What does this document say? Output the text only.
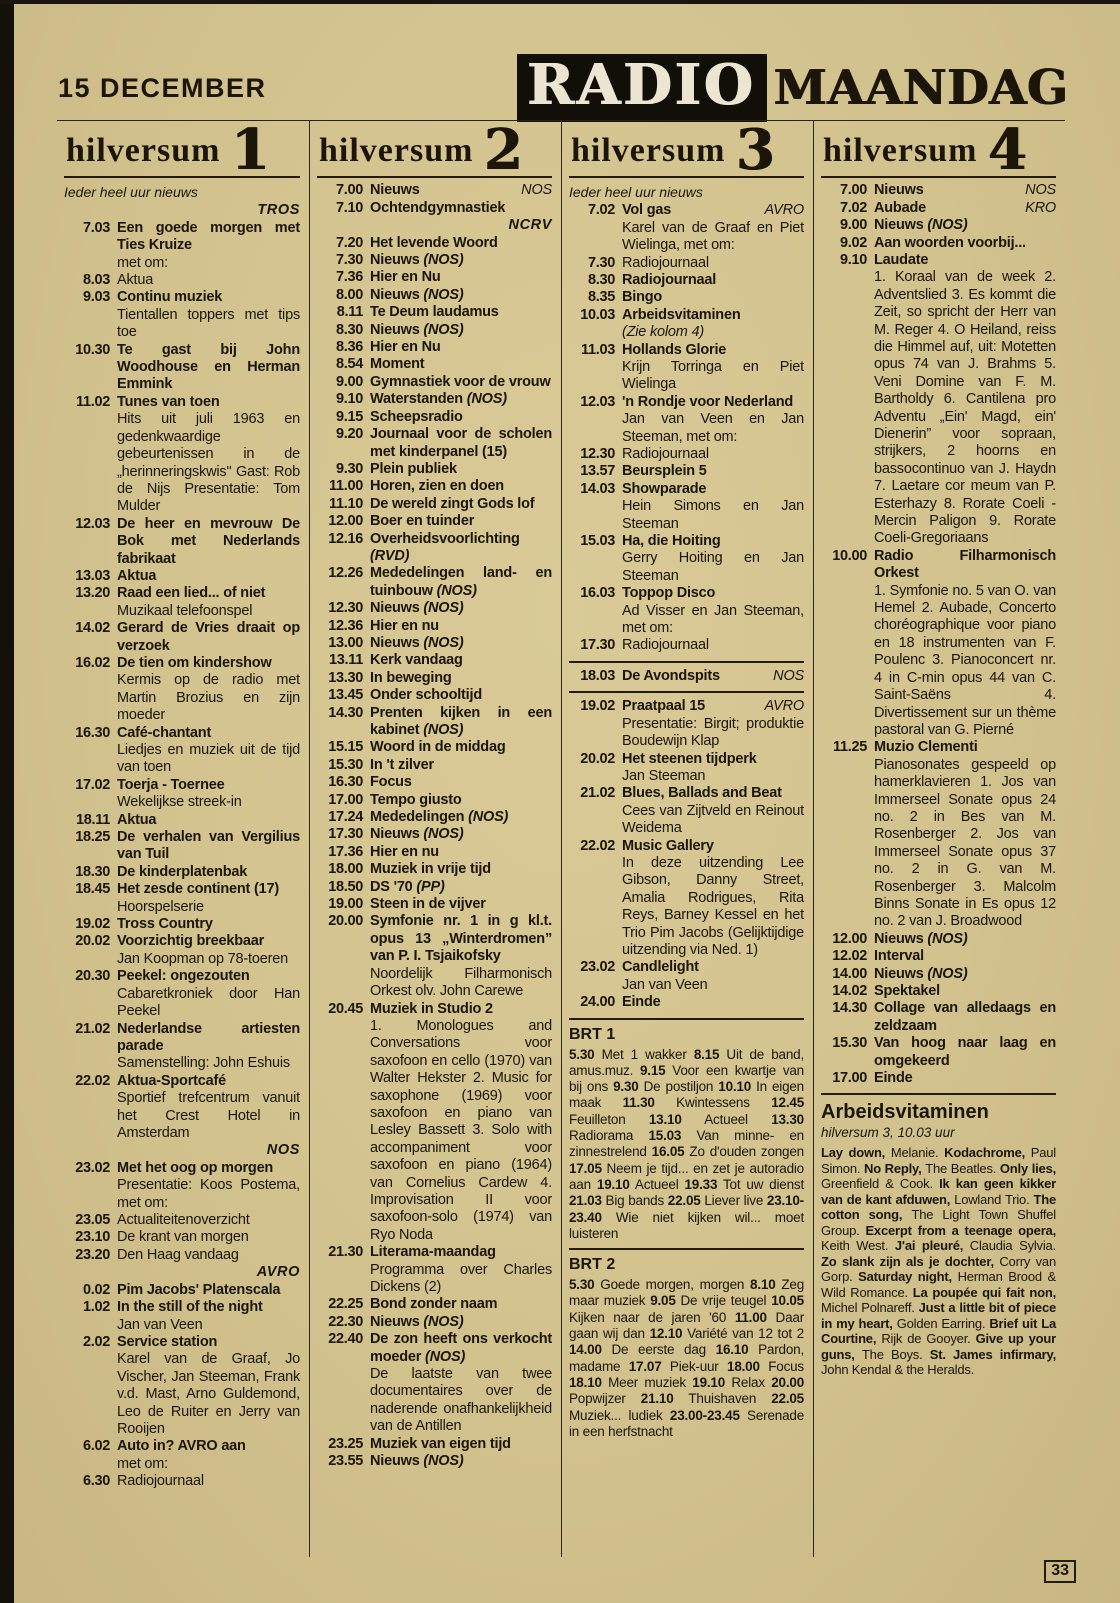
15 DECEMBER	RADIO MAANDAG
hilversum 1
Ieder heel uur nieuws
TROS
7.03 Een goede morgen met Ties Kruize
met om:
8.03 Aktua
9.03 Continu muziek
Tientallen toppers met tips toe
10.30 Te gast bij John Woodhouse en Herman Emmink
11.02 Tunes van toen
Hits uit juli 1963 en gedenkwaardige gebeurtenissen in de „herinneringskwis'' Gast: Rob de Nijs Presentatie: Tom Mulder
12.03 De heer en mevrouw De Bok met Nederlands fabrikaat
13.03 Aktua
13.20 Raad een lied... of niet
Muzikaal telefoonspel
14.02 Gerard de Vries draait op verzoek
16.02 De tien om kindershow
Kermis op de radio met Martin Brozius en zijn moeder
16.30 Café-chantant
Liedjes en muziek uit de tijd van toen
17.02 Toerja - Toernee
Wekelijkse streek-in
18.11 Aktua
18.25 De verhalen van Vergilius van Tuil
18.30 De kinderplatenbak
18.45 Het zesde continent (17)
Hoorspelserie
19.02 Tross Country
20.02 Voorzichtig breekbaar
Jan Koopman op 78-toeren
20.30 Peekel: ongezouten
Cabaretkroniek door Han Peekel
21.02 Nederlandse artiesten parade
Samenstelling: John Eshuis
22.02 Aktua-Sportcafé
Sportief trefcentrum vanuit het Crest Hotel in Amsterdam
NOS
23.02 Met het oog op morgen
Presentatie: Koos Postema, met om:
23.05 Actualiteitenoverzicht
23.10 De krant van morgen
23.20 Den Haag vandaag
AVRO
0.02 Pim Jacobs' Platenscala
1.02 In the still of the night
Jan van Veen
2.02 Service station
Karel van de Graaf, Jo Vischer, Jan Steeman, Frank v.d. Mast, Arno Guldemond, Leo de Ruiter en Jerry van Rooijen
6.02 Auto in? AVRO aan
met om:
6.30 Radiojournaal
hilversum 2
7.00 Nieuws	NOS
7.10 Ochtendgymnastiek
NCRV
7.20 Het levende Woord
7.30 Nieuws (NOS)
7.36 Hier en Nu
8.00 Nieuws (NOS)
8.11 Te Deum laudamus
8.30 Nieuws (NOS)
8.36 Hier en Nu
8.54 Moment
9.00 Gymnastiek voor de vrouw
9.10 Waterstanden (NOS)
9.15 Scheepsradio
9.20 Journaal voor de scholen met kinderpanel (15)
9.30 Plein publiek
11.00 Horen, zien en doen
11.10 De wereld zingt Gods lof
12.00 Boer en tuinder
12.16 Overheidsvoorlichting (RVD)
12.26 Mededelingen land- en tuinbouw (NOS)
12.30 Nieuws (NOS)
12.36 Hier en nu
13.00 Nieuws (NOS)
13.11 Kerk vandaag
13.30 In beweging
13.45 Onder schooltijd
14.30 Prenten kijken in een kabinet (NOS)
15.15 Woord in de middag
15.30 In 't zilver
16.30 Focus
17.00 Tempo giusto
17.24 Mededelingen (NOS)
17.30 Nieuws (NOS)
17.36 Hier en nu
18.00 Muziek in vrije tijd
18.50 DS '70 (PP)
19.00 Steen in de vijver
20.00 Symfonie nr. 1 in g kl.t. opus 13 „Winterdromen” van P. I. Tsjaikofsky
Noordelijk Filharmonisch Orkest olv. John Carewe
20.45 Muziek in Studio 2
1. Monologues and Conversations voor saxofoon en cello (1970) van Walter Hekster 2. Music for saxophone (1969) voor saxofoon en piano van Lesley Bassett 3. Solo with accompaniment voor saxofoon en piano (1964) van Cornelius Cardew 4. Improvisation II voor saxofoon-solo (1974) van Ryo Noda
21.30 Literama-maandag
Programma over Charles Dickens (2)
22.25 Bond zonder naam
22.30 Nieuws (NOS)
22.40 De zon heeft ons verkocht moeder (NOS)
De laatste van twee documentaires over de naderende onafhankelijkheid van de Antillen
23.25 Muziek van eigen tijd
23.55 Nieuws (NOS)
hilversum 3
Ieder heel uur nieuws
7.02 Vol gas	AVRO
Karel van de Graaf en Piet Wielinga, met om:
7.30 Radiojournaal
8.30 Radiojournaal
8.35 Bingo
10.03 Arbeidsvitaminen
(Zie kolom 4)
11.03 Hollands Glorie
Krijn Torringa en Piet Wielinga
12.03 'n Rondje voor Nederland
Jan van Veen en Jan Steeman, met om:
12.30 Radiojournaal
13.57 Beursplein 5
14.03 Showparade
Hein Simons en Jan Steeman
15.03 Ha, die Hoiting
Gerry Hoiting en Jan Steeman
16.03 Toppop Disco
Ad Visser en Jan Steeman, met om:
17.30 Radiojournaal
18.03 De Avondspits	NOS
19.02 Praatpaal 15	AVRO
Presentatie: Birgit; produktie Boudewijn Klap
20.02 Het steenen tijdperk
Jan Steeman
21.02 Blues, Ballads and Beat
Cees van Zijtveld en Reinout Weidema
22.02 Music Gallery
In deze uitzending Lee Gibson, Danny Street, Amalia Rodrigues, Rita Reys, Barney Kessel en het Trio Pim Jacobs (Gelijktijdige uitzending via Ned. 1)
23.02 Candlelight
Jan van Veen
24.00 Einde
BRT 1
5.30 Met 1 wakker 8.15 Uit de band, amus.muz. 9.15 Voor een kwartje van bij ons 9.30 De postiljon 10.10 In eigen maak 11.30 Kwintessens 12.45 Feuilleton 13.10 Actueel 13.30 Radiorama 15.03 Van minne- en zinnestrelend 16.05 Zo d'ouden zongen 17.05 Neem je tijd... en zet je autoradio aan 19.10 Actueel 19.33 Tot uw dienst 21.03 Big bands 22.05 Liever live 23.10-23.40 Wie niet kijken wil... moet luisteren
BRT 2
5.30 Goede morgen, morgen 8.10 Zeg maar muziek 9.05 De vrije teugel 10.05 Kijken naar de jaren '60 11.00 Daar gaan wij dan 12.10 Variété van 12 tot 2 14.00 De eerste dag 16.10 Pardon, madame 17.07 Piek-uur 18.00 Focus 18.10 Meer muziek 19.10 Relax 20.00 Popwijzer 21.10 Thuishaven 22.05 Muziek... ludiek 23.00-23.45 Serenade in een herfstnacht
hilversum 4
7.00 Nieuws	NOS
7.02 Aubade	KRO
9.00 Nieuws (NOS)
9.02 Aan woorden voorbij...
9.10 Laudate
1. Koraal van de week 2. Adventslied 3. Es kommt die Zeit, so spricht der Herr van M. Reger 4. O Heiland, reiss die Himmel auf, uit: Motetten opus 74 van J. Brahms 5. Veni Domine van F. M. Bartholdy 6. Cantilena pro Adventu „Ein' Magd, ein' Dienerin” voor sopraan, strijkers, 2 hoorns en bassocontinuo van J. Haydn 7. Laetare cor meum van P. Esterhazy 8. Rorate Coeli - Mercin Paligon 9. Rorate Coeli-Gregoriaans
10.00 Radio Filharmonisch Orkest
1. Symfonie no. 5 van O. van Hemel 2. Aubade, Concerto choréographique voor piano en 18 instrumenten van F. Poulenc 3. Pianoconcert nr. 4 in C-min opus 44 van C. Saint-Saëns 4. Divertissement sur un thème pastoral van G. Pierné
11.25 Muzio Clementi
Pianosonates gespeeld op hamerklavieren 1. Jos van Immerseel Sonate opus 24 no. 2 in Bes van M. Rosenberger 2. Jos van Immerseel Sonate opus 37 no. 2 in G. van M. Rosenberger 3. Malcolm Binns Sonate in Es opus 12 no. 2 van J. Broadwood
12.00 Nieuws (NOS)
12.02 Interval
14.00 Nieuws (NOS)
14.02 Spektakel
14.30 Collage van alledaags en zeldzaam
15.30 Van hoog naar laag en omgekeerd
17.00 Einde
Arbeidsvitaminen
hilversum 3, 10.03 uur
Lay down, Melanie. Kodachrome, Paul Simon. No Reply, The Beatles. Only lies, Greenfield & Cook. Ik kan geen kikker van de kant afduwen, Lowland Trio. The cotton song, The Light Town Shuffel Group. Excerpt from a teenage opera, Keith West. J'ai pleuré, Claudia Sylvia. Zo slank zijn als je dochter, Corry van Gorp. Saturday night, Herman Brood & Wild Romance. La poupée qui fait non, Michel Polnareff. Just a little bit of piece in my heart, Golden Earring. Brief uit La Courtine, Rijk de Gooyer. Give up your guns, The Boys. St. James infirmary, John Kendal & the Heralds.
33
